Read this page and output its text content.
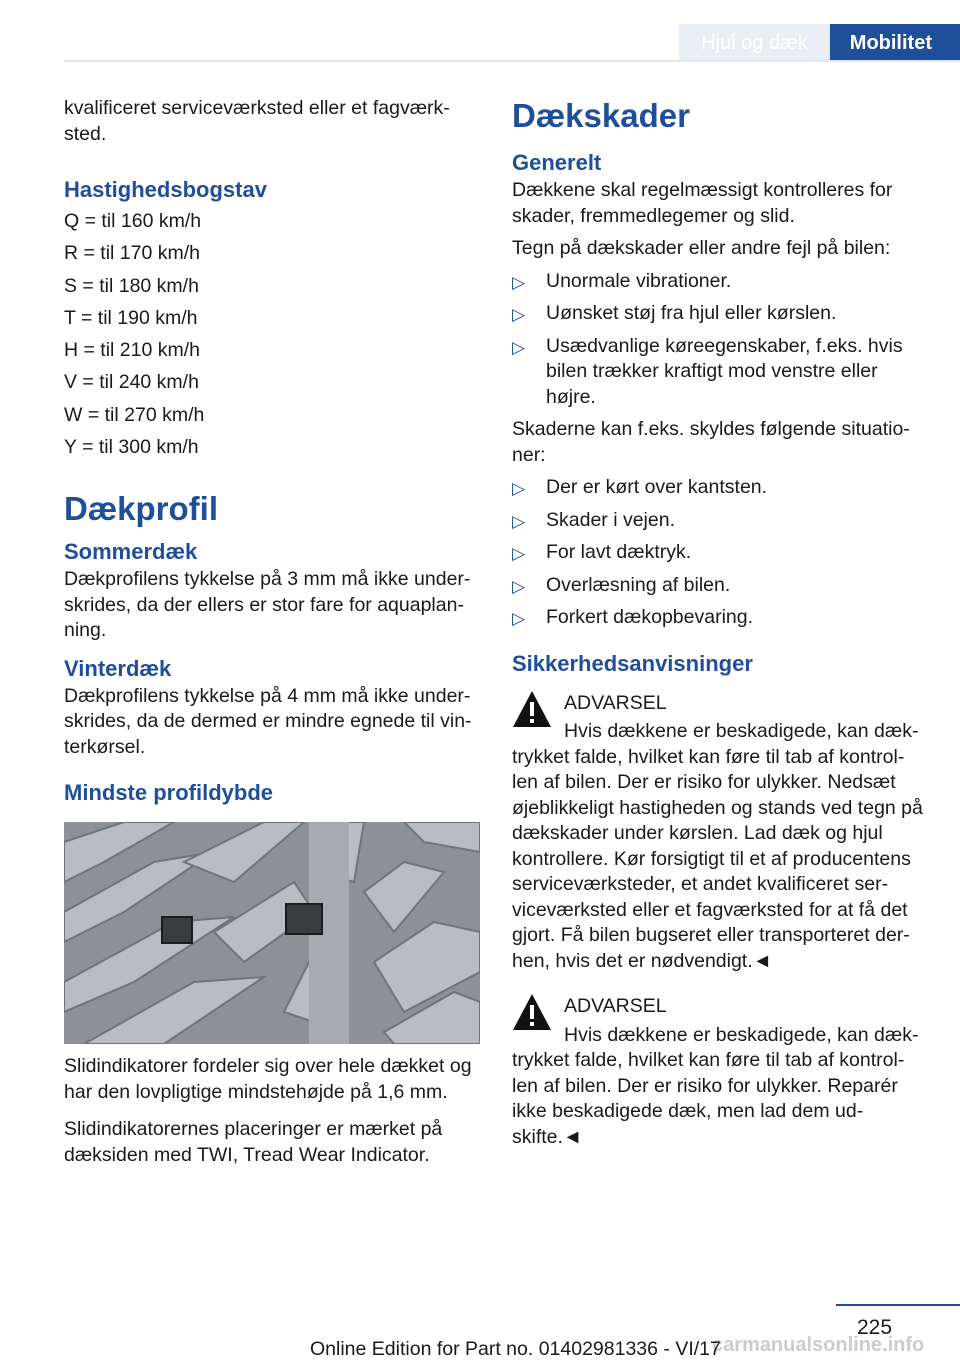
Hjul og dæk	Mobilitet

kvalificeret serviceværksted eller et fagværk-sted.

Hastighedsbogstav

Q = til 160 km/h

R = til 170 km/h

S = til 180 km/h

T = til 190 km/h

H = til 210 km/h

V = til 240 km/h

W = til 270 km/h

Y = til 300 km/h

Dækprofil
Sommerdæk

Dækprofilens tykkelse på 3 mm må ikke under-skrides, da der ellers er stor fare for aquaplan-ning.

Vinterdæk

Dækprofilens tykkelse på 4 mm må ikke under-skrides, da de dermed er mindre egnede til vin-terkørsel.

Mindste profildybde

Slidindikatorer fordeler sig over hele dækket og har den lovpligtige mindstehøjde på 1,6 mm.

Slidindikatorernes placeringer er mærket på dæksiden med TWI, Tread Wear Indicator.

Dækskader
Generelt

Dækkene skal regelmæssigt kontrolleres for skader, fremmedlegemer og slid.

Tegn på dækskader eller andre fejl på bilen:

▷ Unormale vibrationer.
▷ Uønsket støj fra hjul eller kørslen.
▷ Usædvanlige køreegenskaber, f.eks. hvis bilen trækker kraftigt mod venstre eller højre.

Skaderne kan f.eks. skyldes følgende situatio-ner:

▷ Der er kørt over kantsten.
▷ Skader i vejen.
▷ For lavt dæktryk.
▷ Overlæsning af bilen.
▷ Forkert dækopbevaring.
Sikkerhedsanvisninger

ADVARSEL

Hvis dækkene er beskadigede, kan dæk-trykket falde, hvilket kan føre til tab af kontrol-len af bilen. Der er risiko for ulykker. Nedsæt øjeblikkeligt hastigheden og stands ved tegn på dækskader under kørslen. Lad dæk og hjul kontrollere. Kør forsigtigt til et af producentens serviceværksteder, et andet kvalificeret ser-viceværksted eller et fagværksted for at få det gjort. Få bilen bugseret eller transporteret der-hen, hvis det er nødvendigt.◄

ADVARSEL

Hvis dækkene er beskadigede, kan dæk-trykket falde, hvilket kan føre til tab af kontrol-len af bilen. Der er risiko for ulykker. Reparér ikke beskadigede dæk, men lad dem ud-skifte.◄

225
carmanualsonline.info
Online Edition for Part no. 01402981336 - VI/17
